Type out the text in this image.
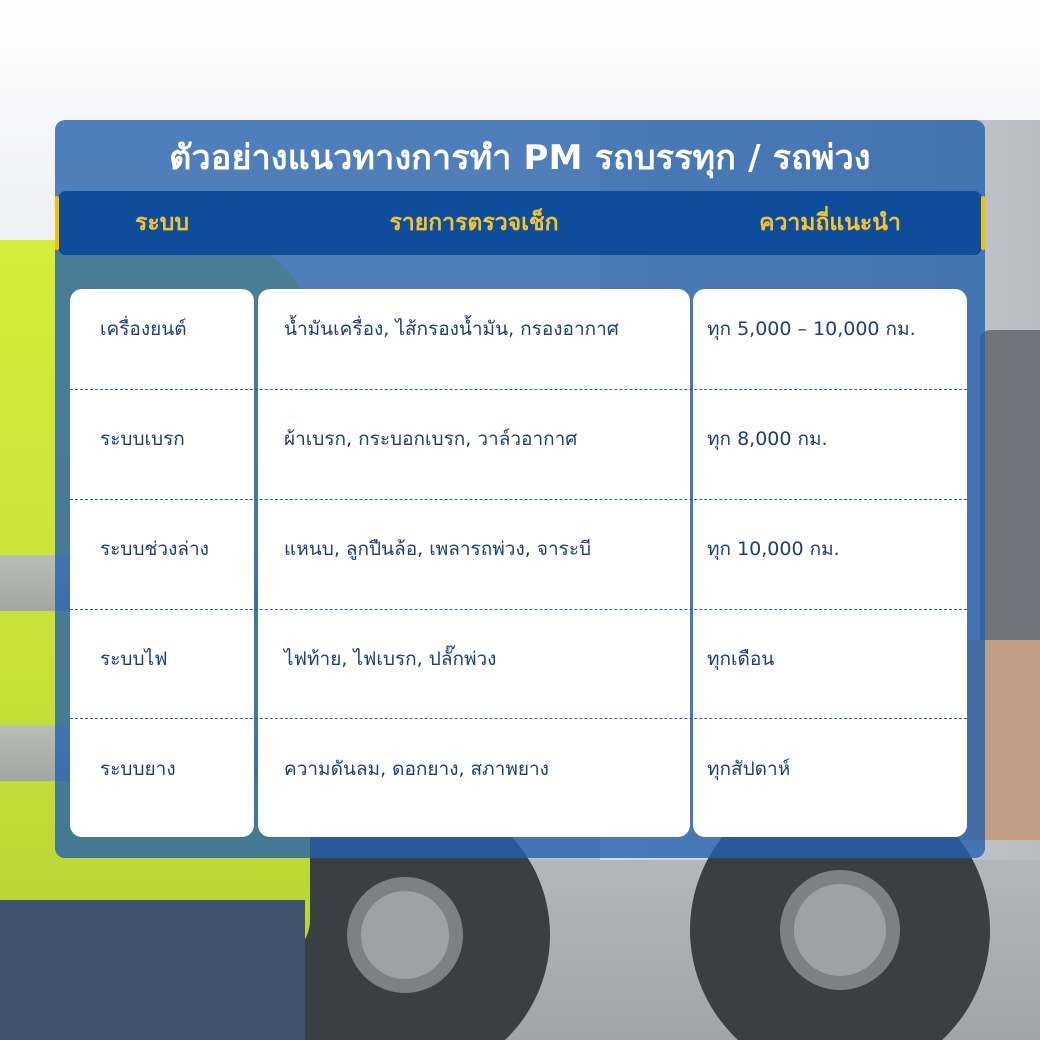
ตัวอย่างแนวทางการทำ PM รถบรรทุก / รถพ่วง
ระบบ	รายการตรวจเช็ก	ความถี่แนะนำ
เครื่องยนต์
ระบบเบรก
ระบบช่วงล่าง
ระบบไฟ
ระบบยาง
น้ำมันเครื่อง, ไส้กรองน้ำมัน, กรองอากาศ
ผ้าเบรก, กระบอกเบรก, วาล์วอากาศ
แหนบ, ลูกปืนล้อ, เพลารถพ่วง, จาระบี
ไฟท้าย, ไฟเบรก, ปลั๊กพ่วง
ความดันลม, ดอกยาง, สภาพยาง
ทุก 5,000 – 10,000 กม.
ทุก 8,000 กม.
ทุก 10,000 กม.
ทุกเดือน
ทุกสัปดาห์
